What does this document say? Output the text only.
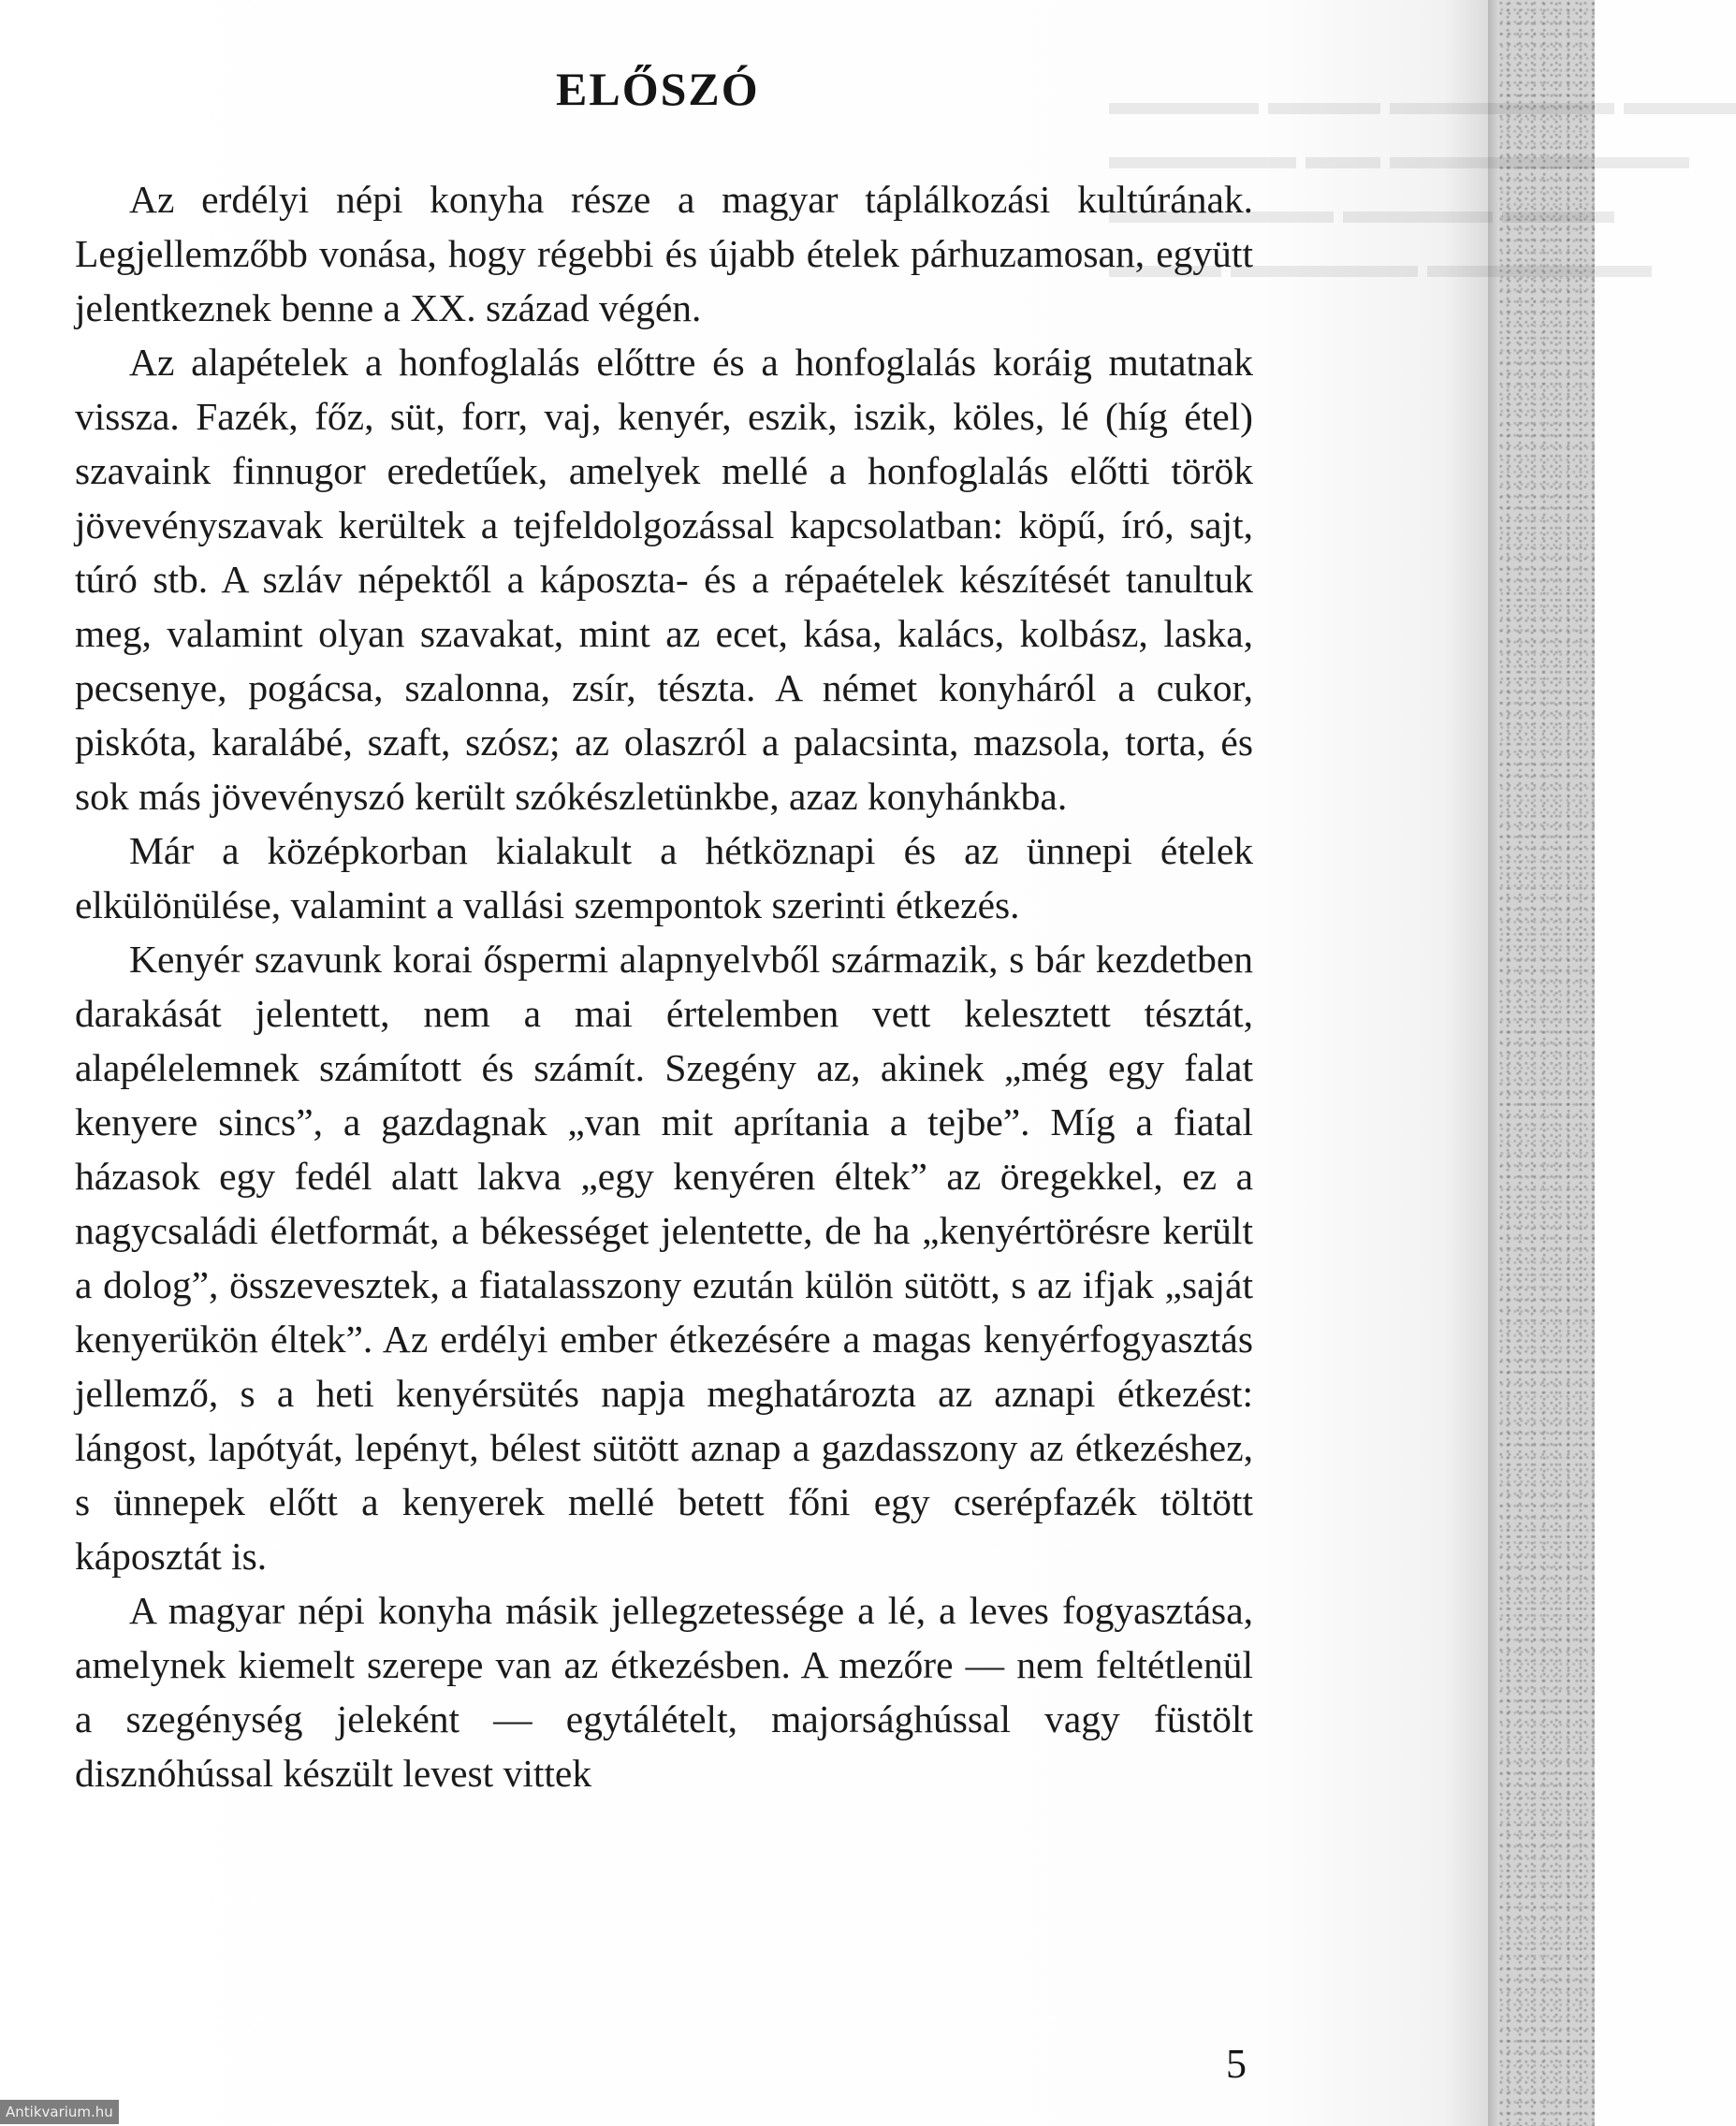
▬▬▬

ELŐSZÓ

Az erdélyi népi konyha része a magyar táplálkozási kultúrának. Legjellemzőbb vonása, hogy régebbi és újabb ételek párhuzamosan, együtt jelentkeznek benne a XX. század végén.

Az alapételek a honfoglalás előttre és a honfoglalás koráig mutatnak vissza. Fazék, főz, süt, forr, vaj, kenyér, eszik, iszik, köles, lé (híg étel) szavaink finnugor eredetűek, amelyek mellé a honfoglalás előtti török jövevényszavak kerültek a tejfeldolgozással kapcsolatban: köpű, író, sajt, túró stb. A szláv népektől a káposzta- és a répaételek készítését tanultuk meg, valamint olyan szavakat, mint az ecet, kása, kalács, kolbász, laska, pecsenye, pogácsa, szalonna, zsír, tészta. A német konyháról a cukor, piskóta, karalábé, szaft, szósz; az olaszról a palacsinta, mazsola, torta, és sok más jövevényszó került szókészletünkbe, azaz konyhánkba.

Már a középkorban kialakult a hétköznapi és az ünnepi ételek elkülönülése, valamint a vallási szempontok szerinti étkezés.

Kenyér szavunk korai őspermi alapnyelvből származik, s bár kezdetben darakását jelentett, nem a mai értelemben vett kelesztett tésztát, alapélelemnek számított és számít. Szegény az, akinek „még egy falat kenyere sincs”, a gazdagnak „van mit aprítania a tejbe”. Míg a fiatal házasok egy fedél alatt lakva „egy kenyéren éltek” az öregekkel, ez a nagycsaládi életformát, a békességet jelentette, de ha „kenyértörésre került a dolog”, összevesztek, a fiatalasszony ezután külön sütött, s az ifjak „saját kenyerükön éltek”. Az erdélyi ember étkezésére a magas kenyérfogyasztás jellemző, s a heti kenyérsütés napja meghatározta az aznapi étkezést: lángost, lapótyát, lepényt, bélest sütött aznap a gazdasszony az étkezéshez, s ünnepek előtt a kenyerek mellé betett főni egy cserépfazék töltött káposztát is.

A magyar népi konyha másik jellegzetessége a lé, a leves fogyasztása, amelynek kiemelt szerepe van az étkezésben. A mezőre — nem feltétlenül a szegénység jeleként — egytálételt, majorsághússal vagy füstölt disznóhússal készült levest vittek

5
Antikvarium.hu
